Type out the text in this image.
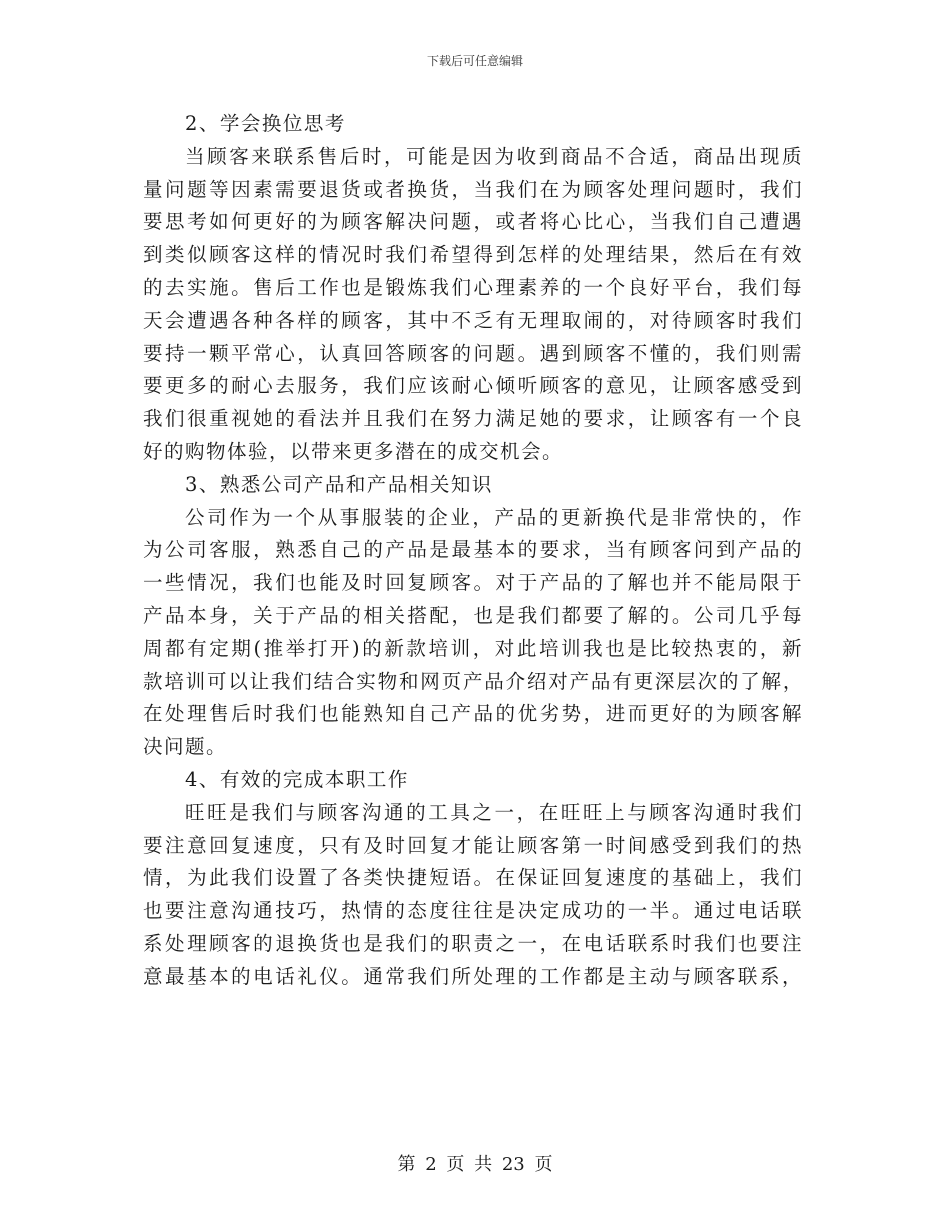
下载后可任意编辑
2、学会换位思考
当顾客来联系售后时，可能是因为收到商品不合适，商品出现质
量问题等因素需要退货或者换货，当我们在为顾客处理问题时，我们
要思考如何更好的为顾客解决问题，或者将心比心，当我们自己遭遇
到类似顾客这样的情况时我们希望得到怎样的处理结果，然后在有效
的去实施。售后工作也是锻炼我们心理素养的一个良好平台，我们每
天会遭遇各种各样的顾客，其中不乏有无理取闹的，对待顾客时我们
要持一颗平常心，认真回答顾客的问题。遇到顾客不懂的，我们则需
要更多的耐心去服务，我们应该耐心倾听顾客的意见，让顾客感受到
我们很重视她的看法并且我们在努力满足她的要求，让顾客有一个良
好的购物体验，以带来更多潜在的成交机会。
3、熟悉公司产品和产品相关知识
公司作为一个从事服装的企业，产品的更新换代是非常快的，作
为公司客服，熟悉自己的产品是最基本的要求，当有顾客问到产品的
一些情况，我们也能及时回复顾客。对于产品的了解也并不能局限于
产品本身，关于产品的相关搭配，也是我们都要了解的。公司几乎每
周都有定期(推举打开)的新款培训，对此培训我也是比较热衷的，新
款培训可以让我们结合实物和网页产品介绍对产品有更深层次的了解，
在处理售后时我们也能熟知自己产品的优劣势，进而更好的为顾客解
决问题。
4、有效的完成本职工作
旺旺是我们与顾客沟通的工具之一，在旺旺上与顾客沟通时我们
要注意回复速度，只有及时回复才能让顾客第一时间感受到我们的热
情，为此我们设置了各类快捷短语。在保证回复速度的基础上，我们
也要注意沟通技巧，热情的态度往往是决定成功的一半。通过电话联
系处理顾客的退换货也是我们的职责之一，在电话联系时我们也要注
意最基本的电话礼仪。通常我们所处理的工作都是主动与顾客联系，
第 2 页 共 23 页
